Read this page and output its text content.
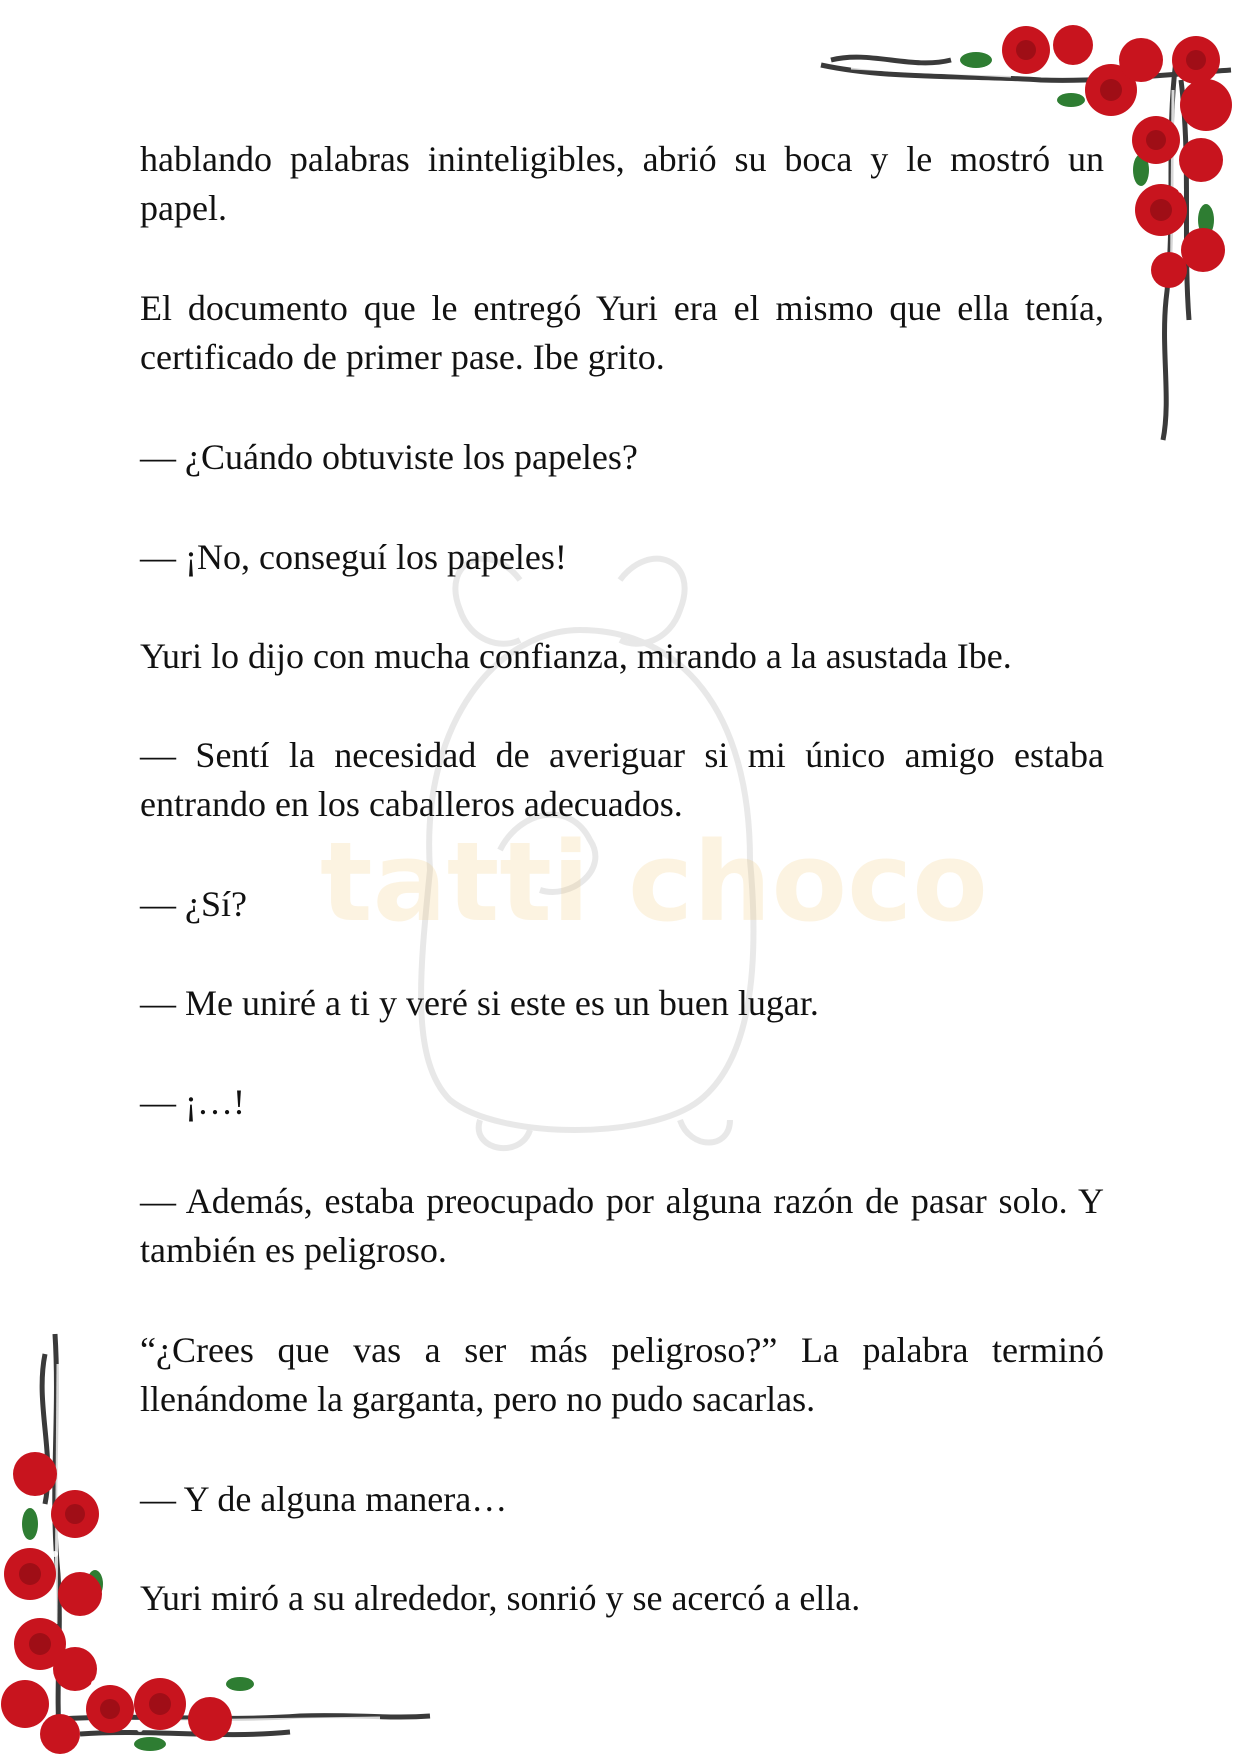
tatti choco

hablando palabras ininteligibles, abrió su boca y le mostró un papel.

El documento que le entregó Yuri era el mismo que ella tenía, certificado de primer pase. Ibe grito.

— ¿Cuándo obtuviste los papeles?

— ¡No, conseguí los papeles!

Yuri lo dijo con mucha confianza, mirando a la asustada Ibe.

— Sentí la necesidad de averiguar si mi único amigo estaba entrando en los caballeros adecuados.

— ¿Sí?

— Me uniré a ti y veré si este es un buen lugar.

— ¡…!

— Además, estaba preocupado por alguna razón de pasar solo. Y también es peligroso.

“¿Crees que vas a ser más peligroso?” La palabra terminó llenándome la garganta, pero no pudo sacarlas.

— Y de alguna manera…

Yuri miró a su alrededor, sonrió y se acercó a ella.
